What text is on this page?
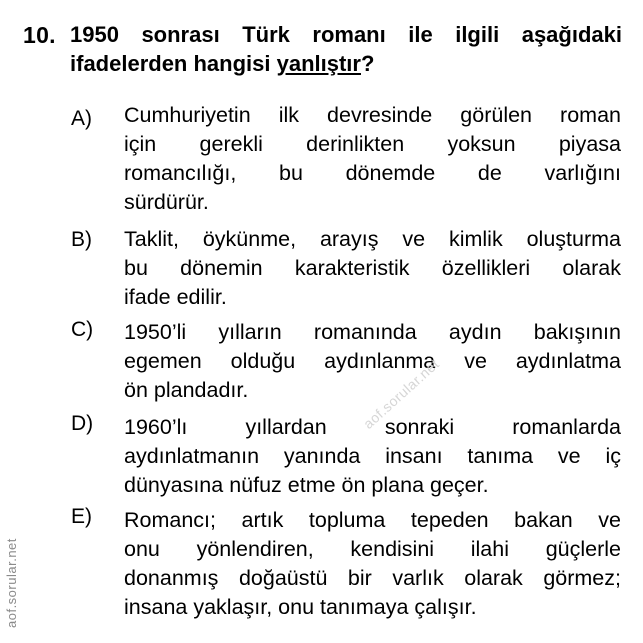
10. 1950 sonrası Türk romanı ile ilgili aşağıdaki
ifadelerden hangisi yanlıştır?
A)	Cumhuriyetin ilk devresinde görülen roman
için gerekli derinlikten yoksun piyasa
romancılığı, bu dönemde de varlığını
sürdürür.
B)	Taklit, öykünme, arayış ve kimlik oluşturma
bu dönemin karakteristik özellikleri olarak
ifade edilir.
C)	1950’li yılların romanında aydın bakışının
egemen olduğu aydınlanma ve aydınlatma
ön plandadır.
D)	1960’lı yıllardan sonraki romanlarda
aydınlatmanın yanında insanı tanıma ve iç
dünyasına nüfuz etme ön plana geçer.
E)	Romancı; artık topluma tepeden bakan ve
onu yönlendiren, kendisini ilahi güçlerle
donanmış doğaüstü bir varlık olarak görmez;
insana yaklaşır, onu tanımaya çalışır.
aof.sorular.net
aof.sorular.net
